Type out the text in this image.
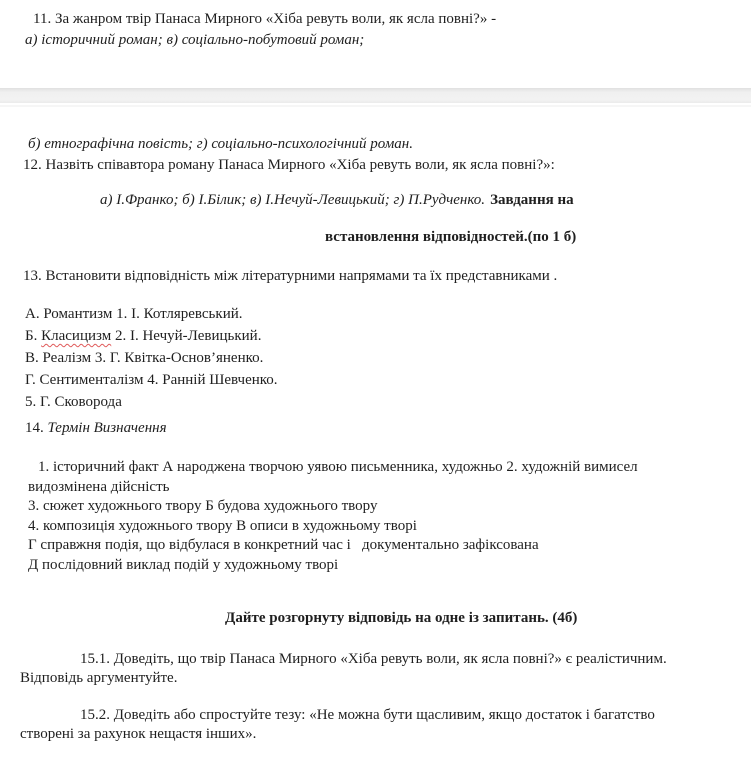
11. За жанром твір Панаса Мирного «Хіба ревуть воли, як ясла повні?» -

а) історичний роман; в) соціально-побутовий роман;

б) етнографічна повість; г) соціально-психологічний роман.

12. Назвіть співавтора роману Панаса Мирного «Хіба ревуть воли, як ясла повні?»:

а) І.Франко; б) І.Білик; в) І.Нечуй-Левицький; г) П.Рудченко. Завдання на

встановлення відповідностей.(по 1 б)

13. Встановити відповідність між літературними напрямами та їх представниками .

А. Романтизм 1. І. Котляревський.

Б. Класицизм 2. І. Нечуй-Левицький.

В. Реалізм 3. Г. Квітка-Основ’яненко.

Г. Сентименталізм 4. Ранній Шевченко.

5. Г. Сковорода

14. Термін Визначення

1. історичний факт А народжена творчою уявою письменника, художньо 2. художній вимисел

видозмінена дійсність

3. сюжет художнього твору Б будова художнього твору

4. композиція художнього твору В описи в художньому творі

Г справжня подія, що відбулася в конкретний час і   документально зафіксована

Д послідовний виклад подій у художньому творі

Дайте розгорнуту відповідь на одне із запитань. (4б)

15.1. Доведіть, що твір Панаса Мирного «Хіба ревуть воли, як ясла повні?» є реалістичним.

Відповідь аргументуйте.

15.2. Доведіть або спростуйте тезу: «Не можна бути щасливим, якщо достаток і багатство

створені за рахунок нещастя інших».
